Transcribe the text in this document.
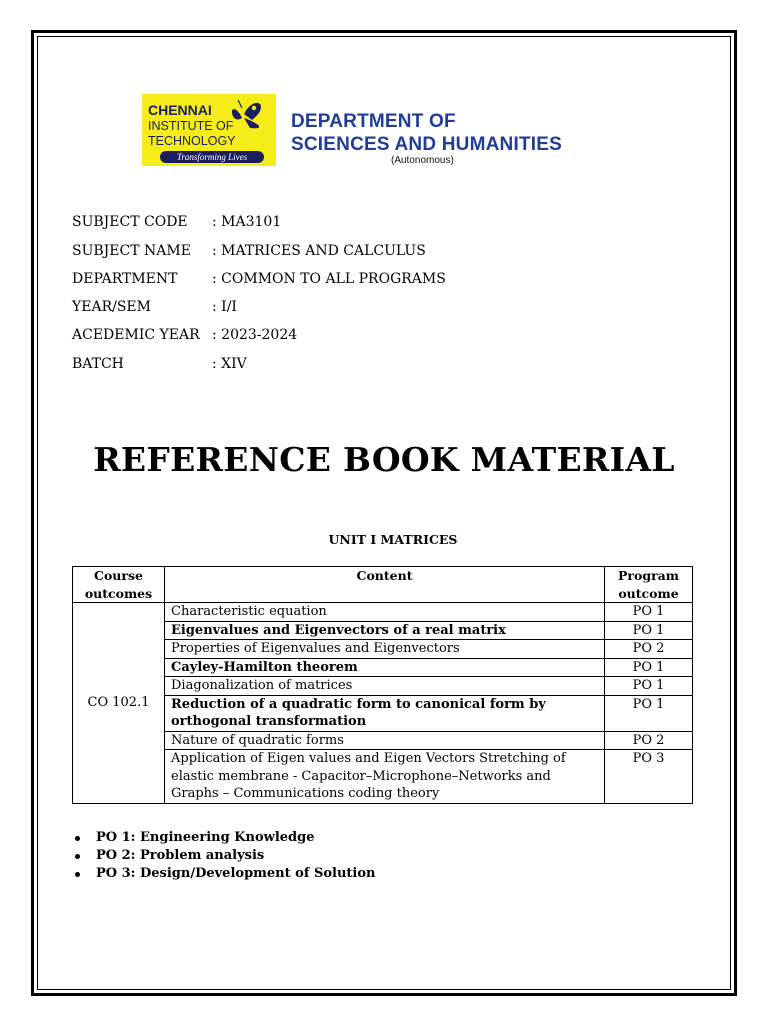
CHENNAI
INSTITUTE OF
TECHNOLOGY
Transforming Lives
DEPARTMENT OF
SCIENCES AND HUMANITIES
(Autonomous)
SUBJECT CODE : MA3101
SUBJECT NAME : MATRICES AND CALCULUS
DEPARTMENT : COMMON TO ALL PROGRAMS
YEAR/SEM	: I/I
ACEDEMIC YEAR : 2023-2024
BATCH	: XIV
REFERENCE BOOK MATERIAL
UNIT I MATRICES
Course outcomes	Content	Program outcome
CO 102.1	Characteristic equation	PO 1
	Eigenvalues and Eigenvectors of a real matrix	PO 1
	Properties of Eigenvalues and Eigenvectors	PO 2
	Cayley-Hamilton theorem	PO 1
	Diagonalization of matrices	PO 1
	Reduction of a quadratic form to canonical form by orthogonal transformation	PO 1
	Nature of quadratic forms	PO 2
	Application of Eigen values and Eigen Vectors Stretching of elastic membrane - Capacitor–Microphone–Networks and Graphs – Communications coding theory	PO 3
PO 1: Engineering Knowledge
PO 2: Problem analysis
PO 3: Design/Development of Solution
